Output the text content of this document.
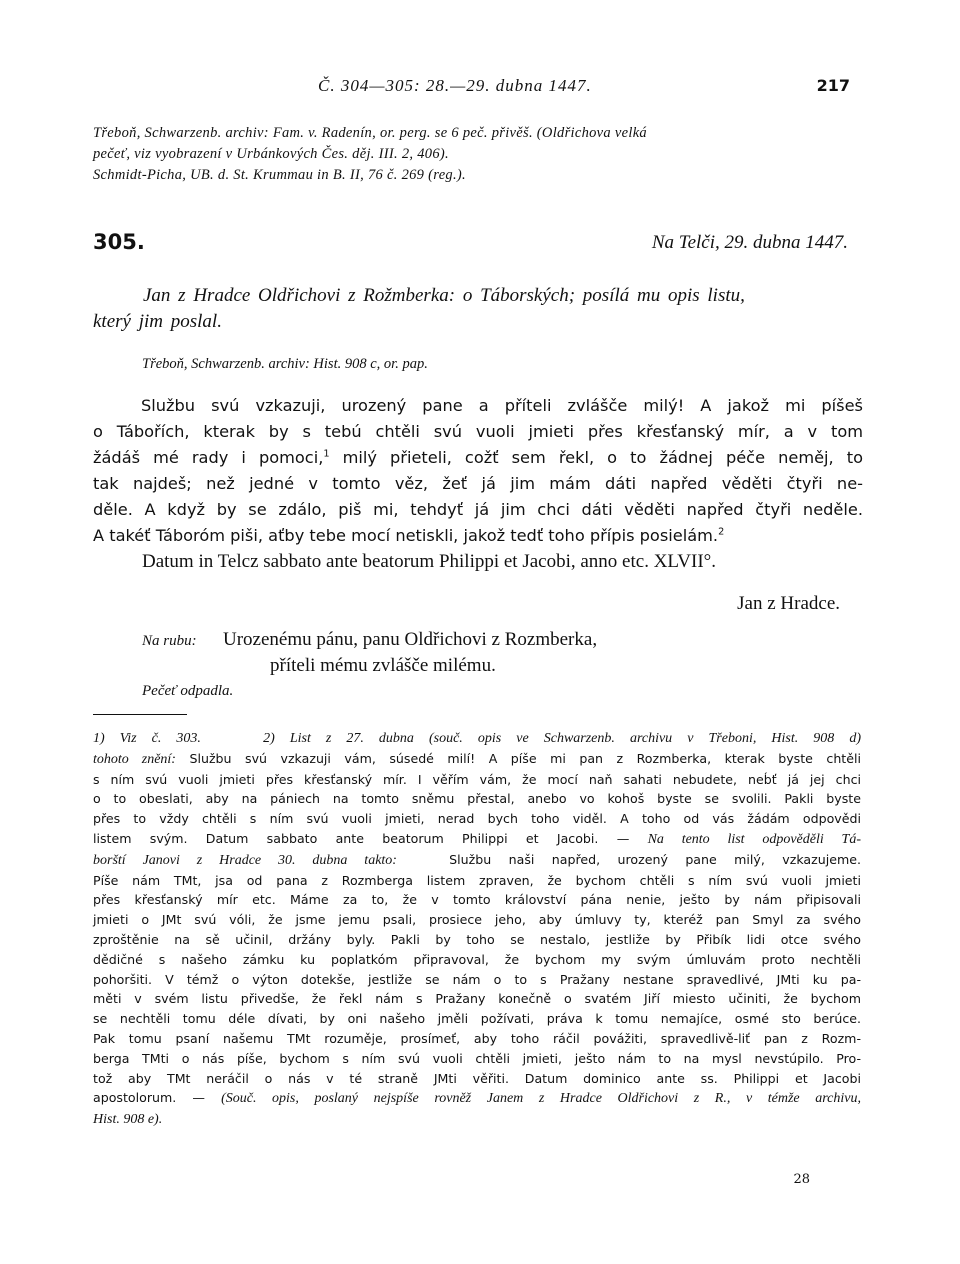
Č. 304—305: 28.—29. dubna 1447.	217
Třeboň, Schwarzenb. archiv: Fam. v. Radenín, or. perg. se 6 peč. přivěš. (Oldřichova velká
pečeť, viz vyobrazení v Urbánkových Čes. děj. III. 2, 406).
Schmidt-Picha, UB. d. St. Krummau in B. II, 76 č. 269 (reg.).
305.	Na Telči, 29. dubna 1447.
Jan z Hradce Oldřichovi z Rožmberka: o Táborských; posílá mu opis listu,
který jim poslal.
Třeboň, Schwarzenb. archiv: Hist. 908 c, or. pap.
Službu svú vzkazuji, urozený pane a příteli zvlášče milý! A jakož mi píšeš
o Tábořích, kterak by s tebú chtěli svú vuoli jmieti přes křesťanský mír, a v tom
žádáš mé rady i pomoci,$^1$ milý přieteli, cožť sem řekl, o to žádnej péče neměj, to
tak najdeš; než jedné v tomto věz, žeť já jim mám dáti napřed věděti čtyři ne-
děle. A když by se zdálo, piš mi, tehdyť já jim chci dáti věděti napřed čtyři neděle.
A takéť Táboróm piši, aťby tebe mocí netiskli, jakož tedť toho přípis posielám.$^2$
Datum in Telcz sabbato ante beatorum Philippi et Jacobi, anno etc. XLVII°.
Jan z Hradce.
Na rubu: Urozenému pánu, panu Oldřichovi z Rozmberka,
příteli mému zvlášče milému.
Pečeť odpadla.
1) Viz č. 303.	2) List z 27. dubna (souč. opis ve Schwarzenb. archivu v Třeboni, Hist. 908 d)
tohoto znění: Službu svú vzkazuji vám, súsedé milí! A píše mi pan z Rozmberka, kterak byste chtěli
s ním svú vuoli jmieti přes křesťanský mír. I věřím vám, že mocí naň sahati nebudete, neb́ť já jej chci
o to obeslati, aby na pániech na tomto sněmu přestal, anebo vo kohoš byste se svolili. Pakli byste
přes to vždy chtěli s ním svú vuoli jmieti, nerad bych toho viděl. A toho od vás žádám odpovědi
listem svým. Datum sabbato ante beatorum Philippi et Jacobi. — Na tento list odpověděli Tá-
borští Janovi z Hradce 30. dubna takto:	Službu naši napřed, urozený pane milý, vzkazujeme.
Píše nám TMt, jsa od pana z Rozmberga listem zpraven, že bychom chtěli s ním svú vuoli jmieti
přes křesťanský mír etc. Máme za to, že v tomto království pána nenie, ješto by nám připisovali
jmieti o JMt svú vóli, že jsme jemu psali, prosiece jeho, aby úmluvy ty, kteréž pan Smyl za svého
zproštěnie na sě učinil, držány byly. Pakli by toho se nestalo, jestliže by Přibík lidi otce svého
dědičné s našeho zámku ku poplatkóm připravoval, že bychom my svým úmluvám proto nechtěli
pohoršiti. V témž o výton dotekše, jestliže se nám o to s Pražany nestane spravedlivé, JMti ku pa-
měti v svém listu přivedše, že řekl nám s Pražany konečně o svatém Jiří miesto učiniti, že bychom
se nechtěli tomu déle dívati, by oni našeho jměli požívati, práva k tomu nemajíce, osmé sto berúce.
Pak tomu psaní našemu TMt rozuměje, prosímeť, aby toho ráčil povážiti, spravedlivě-liť pan z Rozm-
berga TMti o nás píše, bychom s ním svú vuoli chtěli jmieti, ješto nám to na mysl nevstúpilo. Pro-
tož aby TMt neráčil o nás v té straně JMti věřiti. Datum dominico ante ss. Philippi et Jacobi
apostolorum. — (Souč. opis, poslaný nejspíše rovněž Janem z Hradce Oldřichovi z R., v témže archivu,
Hist. 908 e).
28
